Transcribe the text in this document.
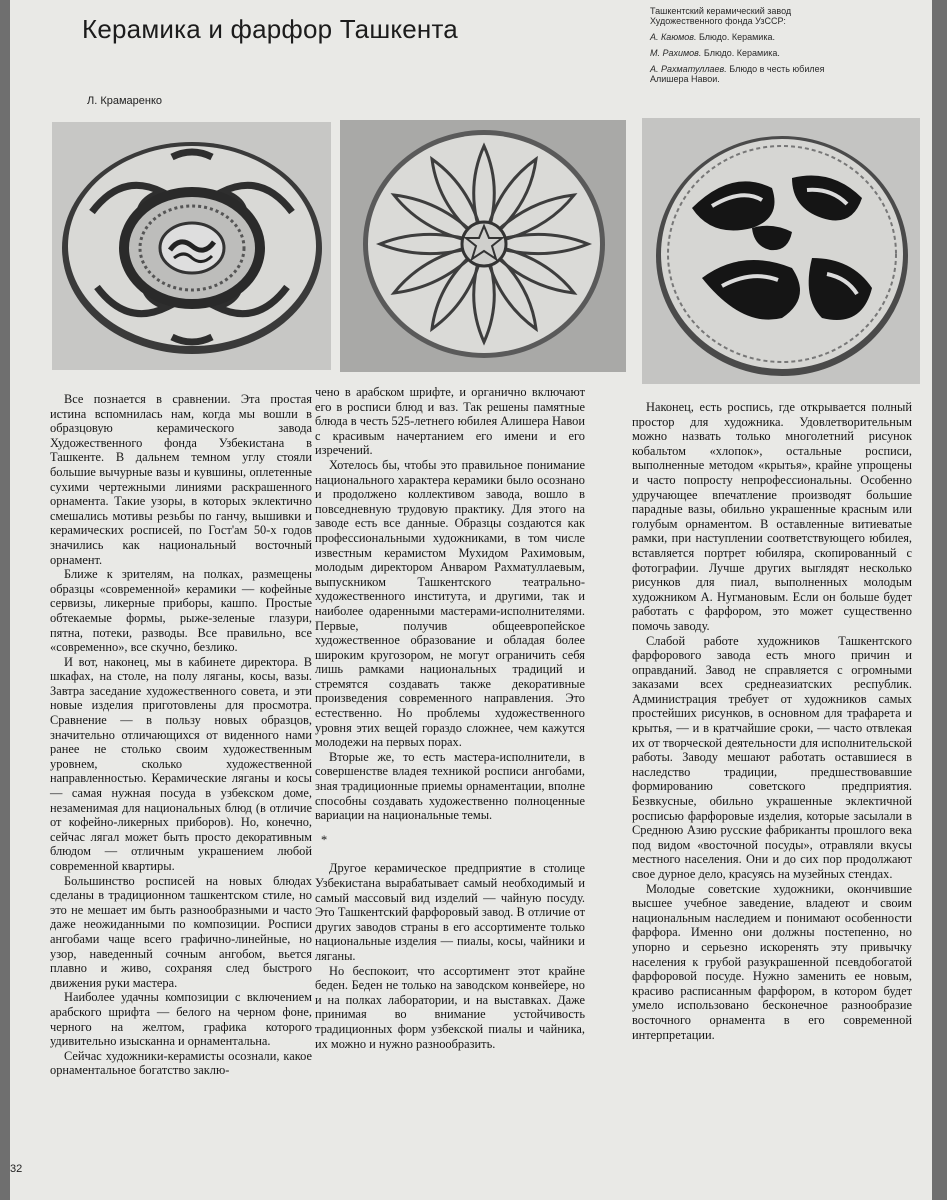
Керамика и фарфор Ташкента

Ташкентский керамический завод Художественного фонда УзССР:

А. Каюмов. Блюдо. Керамика.

М. Рахимов. Блюдо. Керамика.

А. Рахматуллаев. Блюдо в честь юбилея Алишера Навои.

Л. Крамаренко

Все познается в сравнении. Эта простая истина вспомнилась нам, когда мы вошли в образцовую керамического завода Художественного фонда Узбекистана в Ташкенте. В дальнем темном углу стояли большие вычурные вазы и кувшины, оплетенные сухими чертежными линиями раскрашенного орнамента. Такие узоры, в которых эклектично смешались мотивы резьбы по ганчу, вышивки и керамических росписей, по Гост'ам 50-х годов значились как национальный восточный орнамент.

Ближе к зрителям, на полках, размещены образцы «современной» керамики — кофейные сервизы, ликерные приборы, кашпо. Простые обтекаемые формы, рыже-зеленые глазури, пятна, потеки, разводы. Все правильно, все «современно», все скучно, безлико.

И вот, наконец, мы в кабинете директора. В шкафах, на столе, на полу ляганы, косы, вазы. Завтра заседание художественного совета, и эти новые изделия приготовлены для просмотра. Сравнение — в пользу новых образцов, значительно отличающихся от виденного нами ранее не столько своим художественным уровнем, сколько художественной направленностью. Керамические ляганы и косы — самая нужная посуда в узбекском доме, незаменимая для национальных блюд (в отличие от кофейно-ликерных приборов). Но, конечно, сейчас лягал может быть просто декоративным блюдом — отличным украшением любой современной квартиры.

Большинство росписей на новых блюдах сделаны в традиционном ташкентском стиле, но это не мешает им быть разнообразными и часто даже неожиданными по композиции. Росписи ангобами чаще всего графично-линейные, но узор, наведенный сочным ангобом, вьется плавно и живо, сохраняя след быстрого движения руки мастера.

Наиболее удачны композиции с включением арабского шрифта — белого на черном фоне, черного на желтом, графика которого удивительно изысканна и орнаментальна.

Сейчас художники-керамисты осознали, какое орнаментальное богатство заклю-

чено в арабском шрифте, и органично включают его в росписи блюд и ваз. Так решены памятные блюда в честь 525-летнего юбилея Алишера Навои с красивым начертанием его имени и его изречений.

Хотелось бы, чтобы это правильное понимание национального характера керамики было осознано и продолжено коллективом завода, вошло в повседневную трудовую практику. Для этого на заводе есть все данные. Образцы создаются как профессиональными художниками, в том числе известным керамистом Мухидом Рахимовым, молодым директором Анваром Рахматуллаевым, выпускником Ташкентского театрально-художественного института, и другими, так и наиболее одаренными мастерами-исполнителями. Первые, получив общеевропейское художественное образование и обладая более широким кругозором, не могут ограничить себя лишь рамками национальных традиций и стремятся создавать также декоративные произведения современного направления. Это естественно. Но проблемы художественного уровня этих вещей гораздо сложнее, чем кажутся молодежи на первых порах.

Вторые же, то есть мастера-исполнители, в совершенстве владея техникой росписи ангобами, зная традиционные приемы орнаментации, вполне способны создавать художественно полноценные вариации на национальные темы.

*

Другое керамическое предприятие в столице Узбекистана вырабатывает самый необходимый и самый массовый вид изделий — чайную посуду. Это Ташкентский фарфоровый завод. В отличие от других заводов страны в его ассортименте только национальные изделия — пиалы, косы, чайники и ляганы.

Но беспокоит, что ассортимент этот крайне беден. Беден не только на заводском конвейере, но и на полках лаборатории, и на выставках. Даже принимая во внимание устойчивость традиционных форм узбекской пиалы и чайника, их можно и нужно разнообразить.

Наконец, есть роспись, где открывается полный простор для художника. Удовлетворительным можно назвать только многолетний рисунок кобальтом «хлопок», остальные росписи, выполненные методом «крытья», крайне упрощены и часто попросту непрофессиональны. Особенно удручающее впечатление производят большие парадные вазы, обильно украшенные красным или голубым орнаментом. В оставленные витиеватые рамки, при наступлении соответствующего юбилея, вставляется портрет юбиляра, скопированный с фотографии. Лучше других выглядят несколько рисунков для пиал, выполненных молодым художником А. Нугмановым. Если он больше будет работать с фарфором, это может существенно помочь заводу.

Слабой работе художников Ташкентского фарфорового завода есть много причин и оправданий. Завод не справляется с огромными заказами всех среднеазиатских республик. Администрация требует от художников самых простейших рисунков, в основном для трафарета и крытья, — и в кратчайшие сроки, — часто отвлекая их от творческой деятельности для исполнительской работы. Заводу мешают работать оставшиеся в наследство традиции, предшествовавшие формированию советского предприятия. Безвкусные, обильно украшенные эклектичной росписью фарфоровые изделия, которые засылали в Среднюю Азию русские фабриканты прошлого века под видом «восточной посуды», отравляли вкусы местного населения. Они и до сих пор продолжают свое дурное дело, красуясь на музейных стендах.

Молодые советские художники, окончившие высшее учебное заведение, владеют и своим национальным наследием и понимают особенности фарфора. Именно они должны постепенно, но упорно и серьезно искоренять эту привычку населения к грубой разукрашенной псевдобогатой фарфоровой посуде. Нужно заменить ее новым, красиво расписанным фарфором, в котором будет умело использовано бесконечное разнообразие восточного орнамента в его современной интерпретации.

32
